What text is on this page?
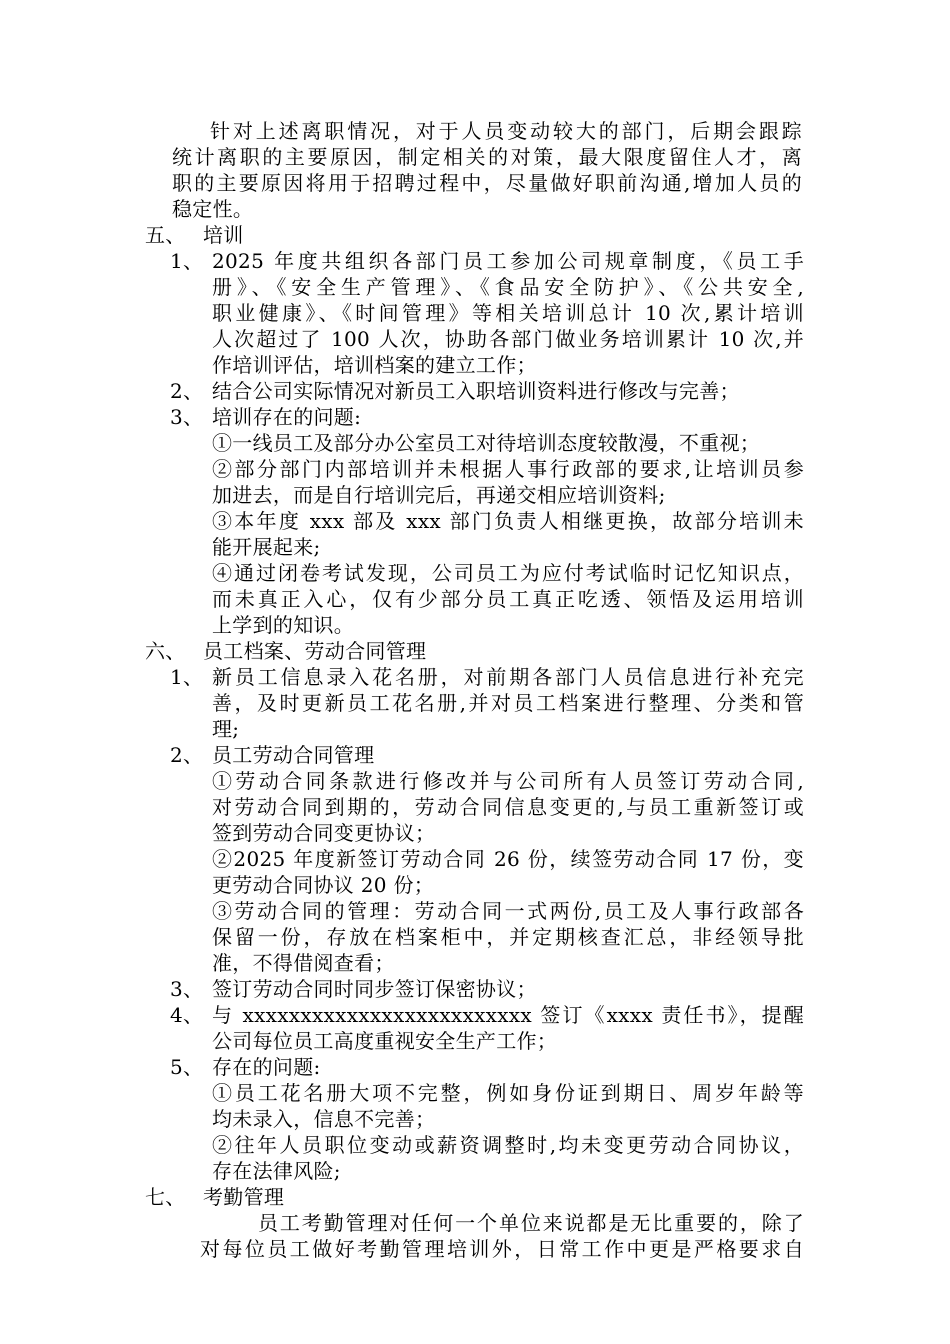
针对上述离职情况，对于人员变动较大的部门，后期会跟踪
统计离职的主要原因，制定相关的对策，最大限度留住人才，离
职的主要原因将用于招聘过程中，尽量做好职前沟通,增加人员的
稳定性。
五、 培训
1、 2025 年度共组织各部门员工参加公司规章制度，《员工手
册》、《安全生产管理》、《食品安全防护》、《公共安全,
职业健康》、《时间管理》等相关培训总计 10 次,累计培训
人次超过了 100 人次，协助各部门做业务培训累计 10 次,并
作培训评估，培训档案的建立工作；
2、 结合公司实际情况对新员工入职培训资料进行修改与完善；
3、 培训存在的问题:
①一线员工及部分办公室员工对待培训态度较散漫，不重视；
②部分部门内部培训并未根据人事行政部的要求,让培训员参
加进去，而是自行培训完后，再递交相应培训资料;
③本年度 xxx 部及 xxx 部门负责人相继更换，故部分培训未
能开展起来;
④通过闭卷考试发现，公司员工为应付考试临时记忆知识点，
而未真正入心，仅有少部分员工真正吃透、领悟及运用培训
上学到的知识。
六、 员工档案、劳动合同管理
1、 新员工信息录入花名册，对前期各部门人员信息进行补充完
善，及时更新员工花名册,并对员工档案进行整理、分类和管
理;
2、 员工劳动合同管理
①劳动合同条款进行修改并与公司所有人员签订劳动合同,
对劳动合同到期的，劳动合同信息变更的,与员工重新签订或
签到劳动合同变更协议；
②2025 年度新签订劳动合同 26 份，续签劳动合同 17 份，变
更劳动合同协议 20 份；
③劳动合同的管理：劳动合同一式两份,员工及人事行政部各
保留一份，存放在档案柜中，并定期核查汇总，非经领导批
准，不得借阅查看；
3、 签订劳动合同时同步签订保密协议；
4、 与 xxxxxxxxxxxxxxxxxxxxxxxxx 签订《xxxx 责任书》，提醒
公司每位员工高度重视安全生产工作；
5、 存在的问题:
①员工花名册大项不完整，例如身份证到期日、周岁年龄等
均未录入，信息不完善；
②往年人员职位变动或薪资调整时,均未变更劳动合同协议，
存在法律风险;
七、 考勤管理
员工考勤管理对任何一个单位来说都是无比重要的，除了
对每位员工做好考勤管理培训外，日常工作中更是严格要求自
